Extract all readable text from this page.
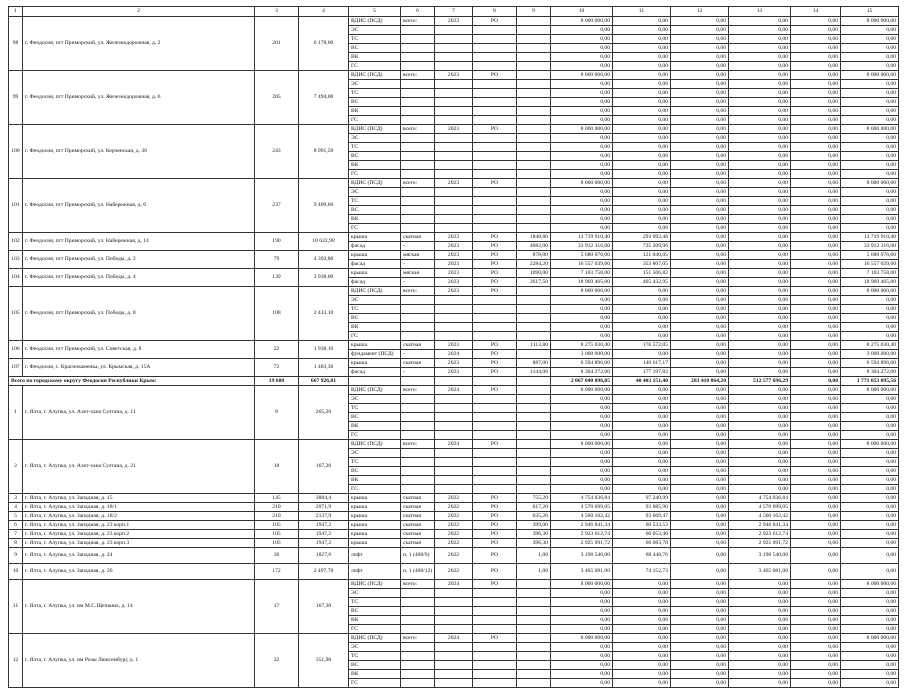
1	2	3	4	5	6	7	8	9	10	11	12	13	14	15
98	г. Феодосия, пгт Приморский, ул. Железнодорожная, д. 2	201	6 178,00	ВДИС (ПСД)	всего:	2023	РО		8 000 000,00	0,00	0,00	0,00	0,00	8 000 000,00
				ЭС					0,00	0,00	0,00	0,00	0,00	0,00
				ТС					0,00	0,00	0,00	0,00	0,00	0,00
				ВС					0,00	0,00	0,00	0,00	0,00	0,00
				ВК					0,00	0,00	0,00	0,00	0,00	0,00
				ГС					0,00	0,00	0,00	0,00	0,00	0,00
99	г. Феодосия, пгт Приморский, ул. Железнодорожная, д. 6	205	7 494,00	ВДИС (ПСД)	всего:	2023	РО		8 000 000,00	0,00	0,00	0,00	0,00	8 000 000,00
				ЭС					0,00	0,00	0,00	0,00	0,00	0,00
				ТС					0,00	0,00	0,00	0,00	0,00	0,00
				ВС					0,00	0,00	0,00	0,00	0,00	0,00
				ВК					0,00	0,00	0,00	0,00	0,00	0,00
				ГС					0,00	0,00	0,00	0,00	0,00	0,00
100	г. Феодосия, пгт Приморский, ул. Керченская, д. 36	243	8 091,50	ВДИС (ПСД)	всего:	2023	РО		8 000 000,00	0,00	0,00	0,00	0,00	8 000 000,00
				ЭС					0,00	0,00	0,00	0,00	0,00	0,00
				ТС					0,00	0,00	0,00	0,00	0,00	0,00
				ВС					0,00	0,00	0,00	0,00	0,00	0,00
				ВК					0,00	0,00	0,00	0,00	0,00	0,00
				ГС					0,00	0,00	0,00	0,00	0,00	0,00
101	г. Феодосия, пгт Приморский, ул. Набережная, д. 6	237	9 409,60	ВДИС (ПСД)	всего:	2023	РО		8 000 000,00	0,00	0,00	0,00	0,00	8 000 000,00
				ЭС					0,00	0,00	0,00	0,00	0,00	0,00
				ТС					0,00	0,00	0,00	0,00	0,00	0,00
				ВС					0,00	0,00	0,00	0,00	0,00	0,00
				ВК					0,00	0,00	0,00	0,00	0,00	0,00
				ГС					0,00	0,00	0,00	0,00	0,00	0,00
102	г. Феодосия, пгт Приморский, ул. Набережная, д. 14	190	10 622,90	крыша	скатная	2023	РО	1848,80	13 719 910,40	293 092,48	0,00	0,00	0,00	13 719 910,40
				фасад	-	2023	РО	4682,00	33 912 316,00	725 209,96	0,00	0,00	0,00	33 912 316,00
103	г. Феодосия, пгт Приморский, ул. Победы, д. 2	79	4 393,80	крыша	мягкая	2023	РО	878,00	5 680 076,00	121 040,05	0,00	0,00	0,00	5 680 076,00
				фасад	-	2023	РО	2284,20	16 557 039,60	353 807,05	0,00	0,00	0,00	16 557 039,60
104	г. Феодосия, пгт Приморский, ул. Победы, д. 4	139	3 938,00	крыша	мягкая	2023	РО	1090,00	7 103 758,00	151 506,82	0,00	0,00	0,00	7 103 758,00
				фасад	-	2023	РО	2617,50	18 969 465,00	405 432,95	0,00	0,00	0,00	18 969 465,00
105	г. Феодосия, пгт Приморский, ул. Победы, д. 8	108	2 433,10	ВДИС (ПСД)	всего:	2023	РО		8 000 000,00	0,00	0,00	0,00	0,00	8 000 000,00
				ЭС					0,00	0,00	0,00	0,00	0,00	0,00
				ТС					0,00	0,00	0,00	0,00	0,00	0,00
				ВС					0,00	0,00	0,00	0,00	0,00	0,00
				ВК					0,00	0,00	0,00	0,00	0,00	0,00
				ГС					0,00	0,00	0,00	0,00	0,00	0,00
106	г. Феодосия, пгт Приморский, ул. Советская, д. 8	22	1 938,10	крыша	скатная	2023	РО	1113,80	8 275 030,40	176 572,05	0,00	0,00	0,00	8 275 030,40
				фундамент (ПСД)	-	2024	РО		3 000 000,00	0,00	0,00	0,00	0,00	3 000 000,00
107	г. Феодосия, с. Краснокаменка, ул. Крымская, д. 15А	72	1 483,30	крыша	скатная	2023	РО	887,00	6 594 896,00	140 617,17	0,00	0,00	0,00	6 594 896,00
				фасад	-	2023	РО	1144,00	8 304 272,00	177 197,82	0,00	0,00	0,00	8 304 272,00
Всего по городскому округу Феодосия Республики Крым:		19 608	667 926,81						2 067 040 896,05	40 403 151,40	283 410 064,20	512 577 696,29	0,00	1 771 053 095,56
1	г. Ялта, г. Алупка, ул. Ахет-хана Султана, д. 11	8	265,20	ВДИС (ПСД)	всего:	2024	РО		8 000 000,00	0,00	0,00	0,00	0,00	8 000 000,00
				ЭС					0,00	0,00	0,00	0,00	0,00	0,00
				ТС					0,00	0,00	0,00	0,00	0,00	0,00
				ВС					0,00	0,00	0,00	0,00	0,00	0,00
				ВК					0,00	0,00	0,00	0,00	0,00	0,00
				ГС					0,00	0,00	0,00	0,00	0,00	0,00
2	г. Ялта, г. Алупка, ул. Ахет-хана Султана, д. 21	18	167,20	ВДИС (ПСД)	всего:	2024	РО		8 000 000,00	0,00	0,00	0,00	0,00	8 000 000,00
				ЭС					0,00	0,00	0,00	0,00	0,00	0,00
				ТС					0,00	0,00	0,00	0,00	0,00	0,00
				ВС					0,00	0,00	0,00	0,00	0,00	0,00
				ВК					0,00	0,00	0,00	0,00	0,00	0,00
				ГС					0,00	0,00	0,00	0,00	0,00	0,00
3	г. Ялта, г. Алупка, ул. Западная, д. 15	145	3884,4	крыша	скатная	2022	РО	755,20	4 754 036,84	97 240,99	0,00	4 754 036,84	0,00	0,00
4	г. Ялта, г. Алупка, ул. Западная, д. 18/1	210	2071,9	крыша	скатная	2022	РО	617,20	4 570 699,05	93 885,90	0,00	4 570 699,05	0,00	0,00
5	г. Ялта, г. Алупка, ул. Западная, д. 18/2	210	2137,9	крыша	скатная	2022	РО	635,20	4 560 162,42	93 669,47	0,00	4 560 162,42	0,00	0,00
6	г. Ялта, г. Алупка, ул. Западная, д. 23 корп.1	105	1947,2	крыша	скатная	2022	РО	399,00	2 946 841,34	60 533,53	0,00	2 946 841,34	0,00	0,00
7	г. Ялта, г. Алупка, ул. Западная, д. 23 корп.2	105	1947,2	крыша	скатная	2022	РО	396,30	2 923 612,74	60 053,40	0,00	2 923 612,74	0,00	0,00
8	г. Ялта, г. Алупка, ул. Западная, д. 23 корп.3	105	1947,2	крыша	скатная	2022	РО	396,30	2 925 091,72	60 083,78	0,00	2 925 091,72	0,00	0,00
9	г. Ялта, г. Алупка, ул. Западная, д. 24	36	1827,6	лифт	п. 1 (400/9)	2022	РО	1,00	3 198 540,00	68 448,76	0,00	3 198 540,00	0,00	0,00
10	г. Ялта, г. Алупка, ул. Западная, д. 26	172	2 497,70	лифт	п. 1 (400/12)	2022	РО	1,00	3 465 081,00	74 152,73	0,00	3 465 081,00	0,00	0,00
11	г. Ялта, г. Алупка, ул. им М.С.Щепкина, д. 14	17	167,30	ВДИС (ПСД)	всего:	2024	РО		8 000 000,00	0,00	0,00	0,00	0,00	8 000 000,00
				ЭС					0,00	0,00	0,00	0,00	0,00	0,00
				ТС					0,00	0,00	0,00	0,00	0,00	0,00
				ВС					0,00	0,00	0,00	0,00	0,00	0,00
				ВК					0,00	0,00	0,00	0,00	0,00	0,00
				ГС					0,00	0,00	0,00	0,00	0,00	0,00
12	г. Ялта, г. Алупка, ул. им Розы Люксембург, д. 1	32	351,90	ВДИС (ПСД)	всего:	2024	РО		8 000 000,00	0,00	0,00	0,00	0,00	8 000 000,00
				ЭС					0,00	0,00	0,00	0,00	0,00	0,00
				ТС					0,00	0,00	0,00	0,00	0,00	0,00
				ВС					0,00	0,00	0,00	0,00	0,00	0,00
				ВК					0,00	0,00	0,00	0,00	0,00	0,00
				ГС					0,00	0,00	0,00	0,00	0,00	0,00
